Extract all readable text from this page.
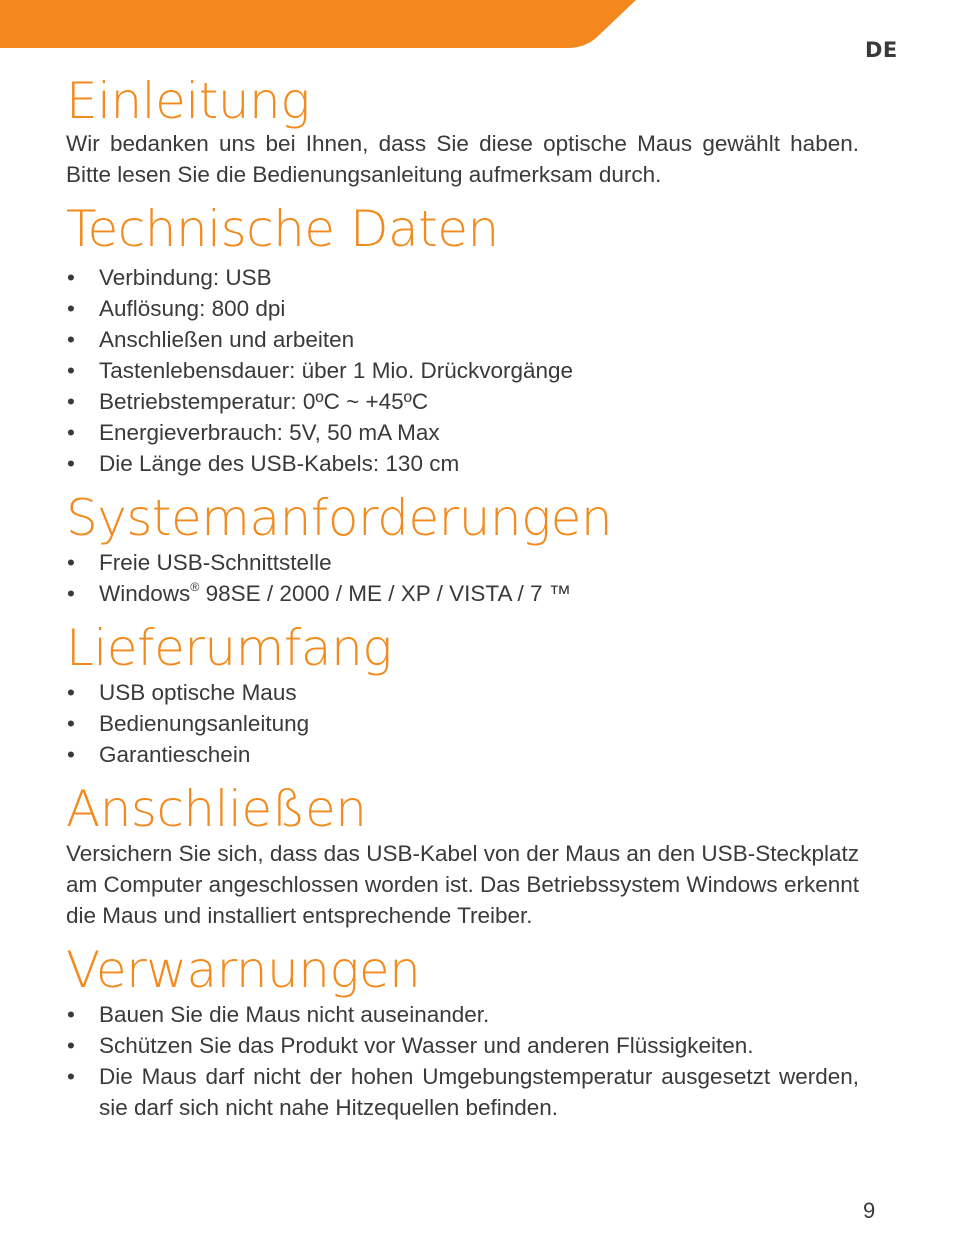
DE
Einleitung

Wir bedanken uns bei Ihnen, dass Sie diese optische Maus gewählt haben. Bitte lesen Sie die Bedienungsanleitung aufmerksam durch.

Technische Daten
• Verbindung: USB
• Auflösung: 800 dpi
• Anschließen und arbeiten
• Tastenlebensdauer: über 1 Mio. Drückvorgänge
• Betriebstemperatur: 0ºC ~ +45ºC
• Energieverbrauch: 5V, 50 mA Max
• Die Länge des USB-Kabels: 130 cm
Systemanforderungen
• Freie USB-Schnittstelle
• Windows® 98SE / 2000 / ME / XP / VISTA / 7 ™
Lieferumfang
• USB optische Maus
• Bedienungsanleitung
• Garantieschein
Anschließen

Versichern Sie sich, dass das USB-Kabel von der Maus an den USB-Steckplatz am Computer angeschlossen worden ist. Das Betriebssystem Windows erkennt die Maus und installiert entsprechende Treiber.

Verwarnungen
• Bauen Sie die Maus nicht auseinander.
• Schützen Sie das Produkt vor Wasser und anderen Flüssigkeiten.
• Die Maus darf nicht der hohen Umgebungstemperatur ausgesetzt werden, sie darf sich nicht nahe Hitzequellen befinden.
9
